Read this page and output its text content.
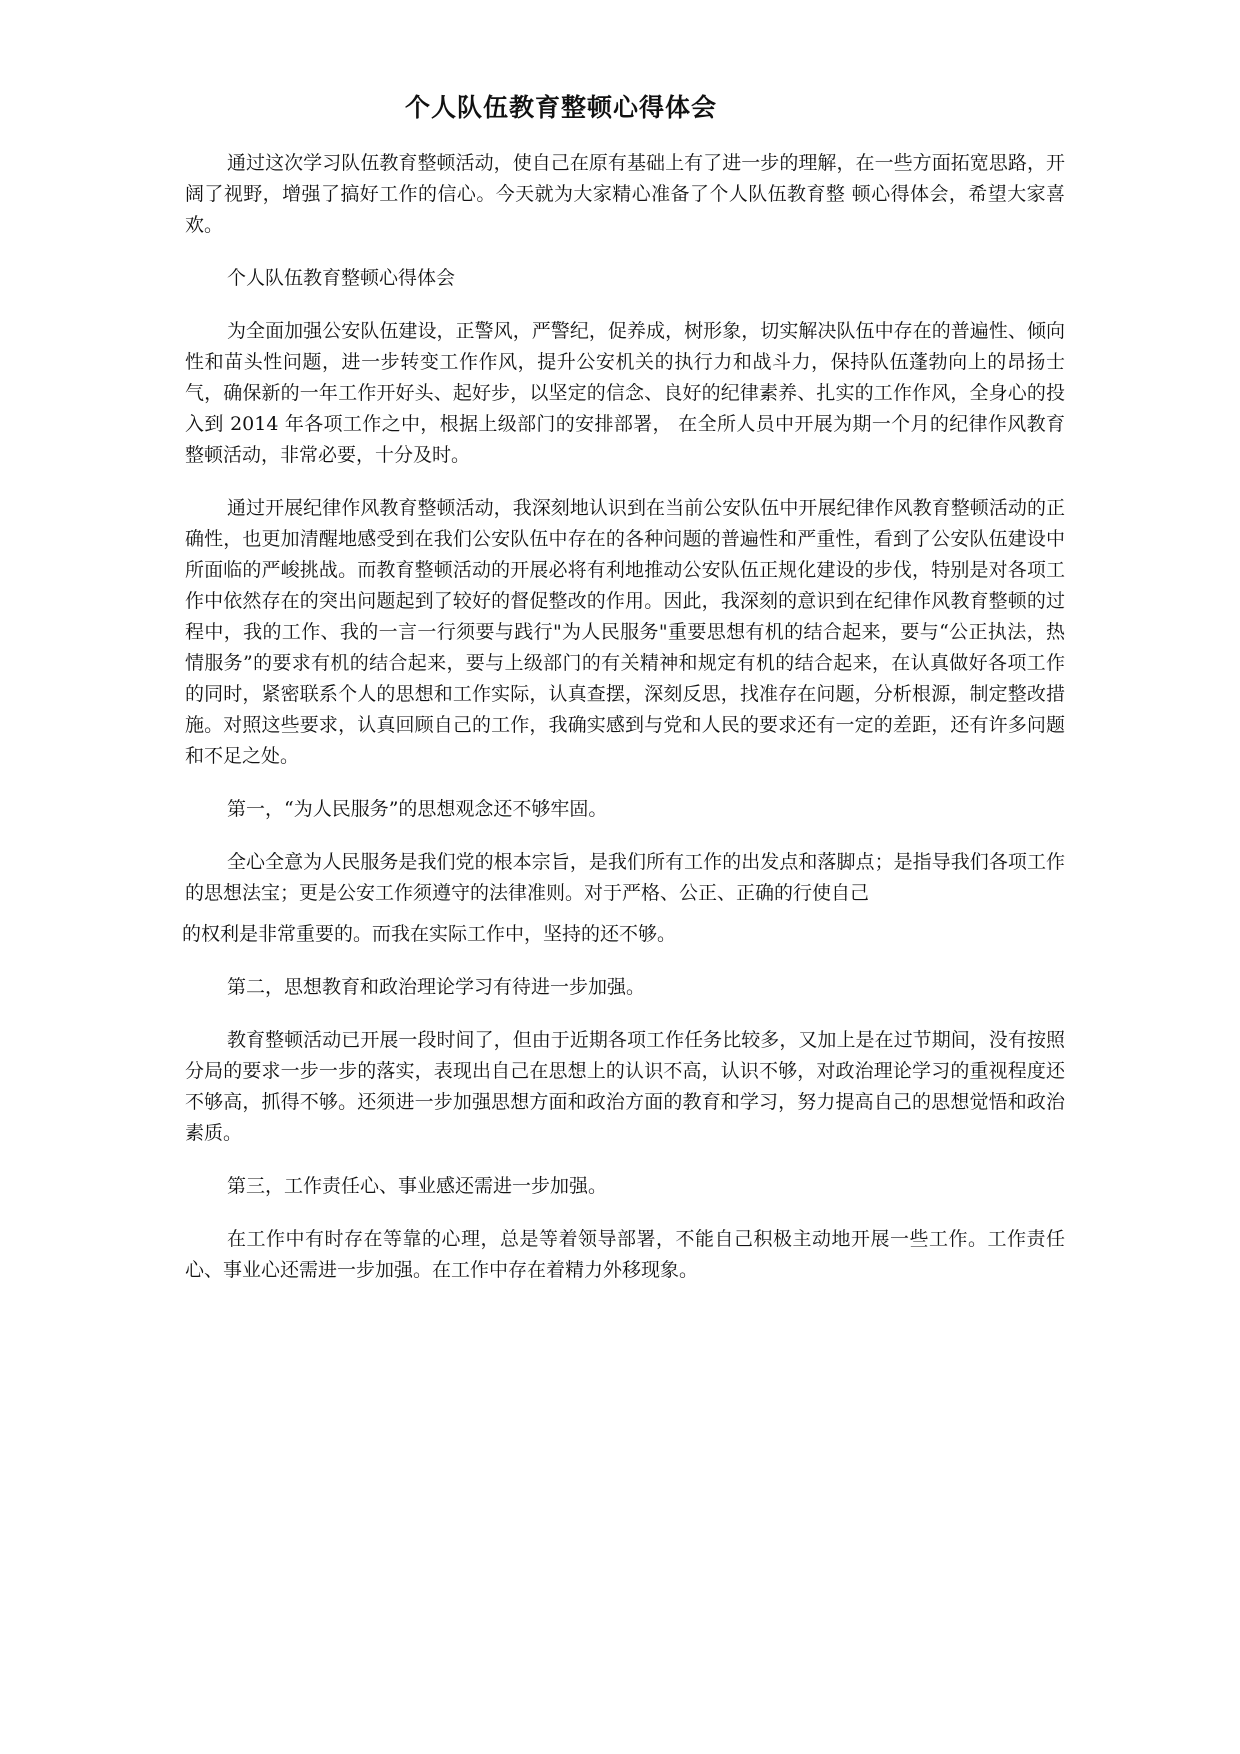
个人队伍教育整顿心得体会

通过这次学习队伍教育整顿活动，使自己在原有基础上有了进一步的理解，在一些方面拓宽思路，开阔了视野，增强了搞好工作的信心。今天就为大家精心准备了个人队伍教育整 顿心得体会，希望大家喜欢。

个人队伍教育整顿心得体会

为全面加强公安队伍建设，正警风，严警纪，促养成，树形象，切实解决队伍中存在的普遍性、倾向性和苗头性问题，进一步转变工作作风，提升公安机关的执行力和战斗力，保持队伍蓬勃向上的昂扬士气，确保新的一年工作开好头、起好步，以坚定的信念、良好的纪律素养、扎实的工作作风，全身心的投入到 2014 年各项工作之中，根据上级部门的安排部署， 在全所人员中开展为期一个月的纪律作风教育整顿活动，非常必要，十分及时。

通过开展纪律作风教育整顿活动，我深刻地认识到在当前公安队伍中开展纪律作风教育整顿活动的正确性，也更加清醒地感受到在我们公安队伍中存在的各种问题的普遍性和严重性，看到了公安队伍建设中所面临的严峻挑战。而教育整顿活动的开展必将有利地推动公安队伍正规化建设的步伐，特别是对各项工作中依然存在的突出问题起到了较好的督促整改的作用。因此，我深刻的意识到在纪律作风教育整顿的过程中，我的工作、我的一言一行须要与践行"为人民服务"重要思想有机的结合起来，要与“公正执法，热情服务”的要求有机的结合起来，要与上级部门的有关精神和规定有机的结合起来，在认真做好各项工作的同时，紧密联系个人的思想和工作实际，认真查摆，深刻反思，找准存在问题，分析根源，制定整改措施。对照这些要求，认真回顾自己的工作，我确实感到与党和人民的要求还有一定的差距，还有许多问题和不足之处。

第一，“为人民服务”的思想观念还不够牢固。

全心全意为人民服务是我们党的根本宗旨，是我们所有工作的出发点和落脚点；是指导我们各项工作的思想法宝；更是公安工作须遵守的法律准则。对于严格、公正、正确的行使自己

的权利是非常重要的。而我在实际工作中，坚持的还不够。

第二，思想教育和政治理论学习有待进一步加强。

教育整顿活动已开展一段时间了，但由于近期各项工作任务比较多，又加上是在过节期间，没有按照分局的要求一步一步的落实，表现出自己在思想上的认识不高，认识不够，对政治理论学习的重视程度还不够高，抓得不够。还须进一步加强思想方面和政治方面的教育和学习，努力提高自己的思想觉悟和政治素质。

第三，工作责任心、事业感还需进一步加强。

在工作中有时存在等靠的心理，总是等着领导部署，不能自己积极主动地开展一些工作。工作责任心、事业心还需进一步加强。在工作中存在着精力外移现象。
